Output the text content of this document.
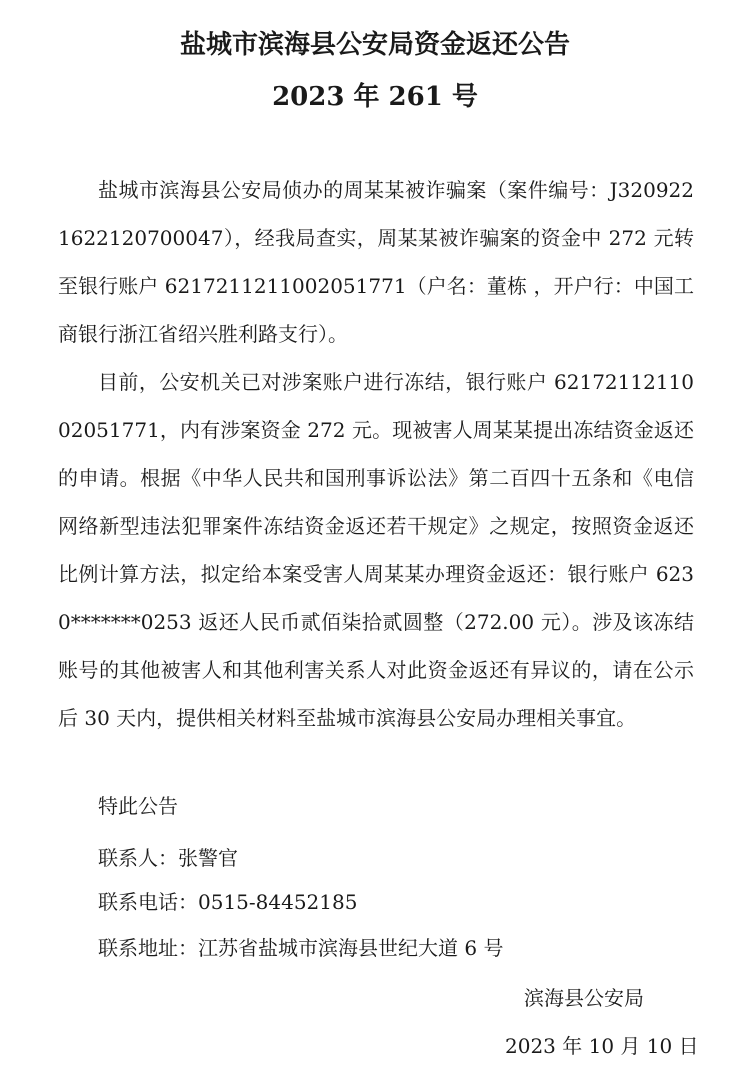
盐城市滨海县公安局资金返还公告
2023 年 261 号
盐城市滨海县公安局侦办的周某某被诈骗案（案件编号：J3209221622120700047），经我局查实，周某某被诈骗案的资金中 272 元转至银行账户 6217211211002051771（户名：董栋 ，开户行：中国工商银行浙江省绍兴胜利路支行）。
目前，公安机关已对涉案账户进行冻结，银行账户 6217211211002051771，内有涉案资金 272 元。现被害人周某某提出冻结资金返还的申请。根据《中华人民共和国刑事诉讼法》第二百四十五条和《电信网络新型违法犯罪案件冻结资金返还若干规定》之规定，按照资金返还比例计算方法，拟定给本案受害人周某某办理资金返还：银行账户 6230*******0253 返还人民币贰佰柒拾贰圆整（272.00 元）。涉及该冻结账号的其他被害人和其他利害关系人对此资金返还有异议的，请在公示后 30 天内，提供相关材料至盐城市滨海县公安局办理相关事宜。
特此公告
联系人：张警官
联系电话：0515-84452185
联系地址：江苏省盐城市滨海县世纪大道 6 号
滨海县公安局
2023 年 10 月 10 日
